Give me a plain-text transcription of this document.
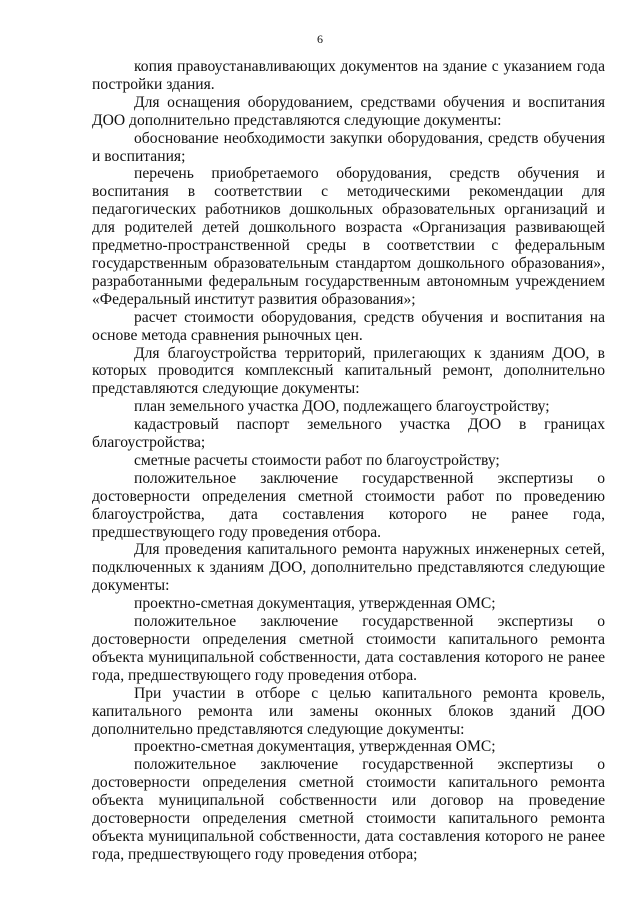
6

копия правоустанавливающих документов на здание с указанием года постройки здания.

Для оснащения оборудованием, средствами обучения и воспитания ДОО дополнительно представляются следующие документы:

обоснование необходимости закупки оборудования, средств обучения и воспитания;

перечень приобретаемого оборудования, средств обучения и воспитания в соответствии с методическими рекомендации для педагогических работников дошкольных образовательных организаций и для родителей детей дошкольного возраста «Организация развивающей предметно-пространственной среды в соответствии с федеральным государственным образовательным стандартом дошкольного образования», разработанными федеральным государственным автономным учреждением «Федеральный институт развития образования»;

расчет стоимости оборудования, средств обучения и воспитания на основе метода сравнения рыночных цен.

Для благоустройства территорий, прилегающих к зданиям ДОО, в которых проводится комплексный капитальный ремонт, дополнительно представляются следующие документы:

план земельного участка ДОО, подлежащего благоустройству;

кадастровый паспорт земельного участка ДОО в границах благоустройства;

сметные расчеты стоимости работ по благоустройству;

положительное заключение государственной экспертизы о достоверности определения сметной стоимости работ по проведению благоустройства, дата составления которого не ранее года, предшествующего году проведения отбора.

Для проведения капитального ремонта наружных инженерных сетей, подключенных к зданиям ДОО, дополнительно представляются следующие документы:

проектно-сметная документация, утвержденная ОМС;

положительное заключение государственной экспертизы о достоверности определения сметной стоимости капитального ремонта объекта муниципальной собственности, дата составления которого не ранее года, предшествующего году проведения отбора.

При участии в отборе с целью капитального ремонта кровель, капитального ремонта или замены оконных блоков зданий ДОО дополнительно представляются следующие документы:

проектно-сметная документация, утвержденная ОМС;

положительное заключение государственной экспертизы о достоверности определения сметной стоимости капитального ремонта объекта муниципальной собственности или договор на проведение достоверности определения сметной стоимости капитального ремонта объекта муниципальной собственности, дата составления которого не ранее года, предшествующего году проведения отбора;
